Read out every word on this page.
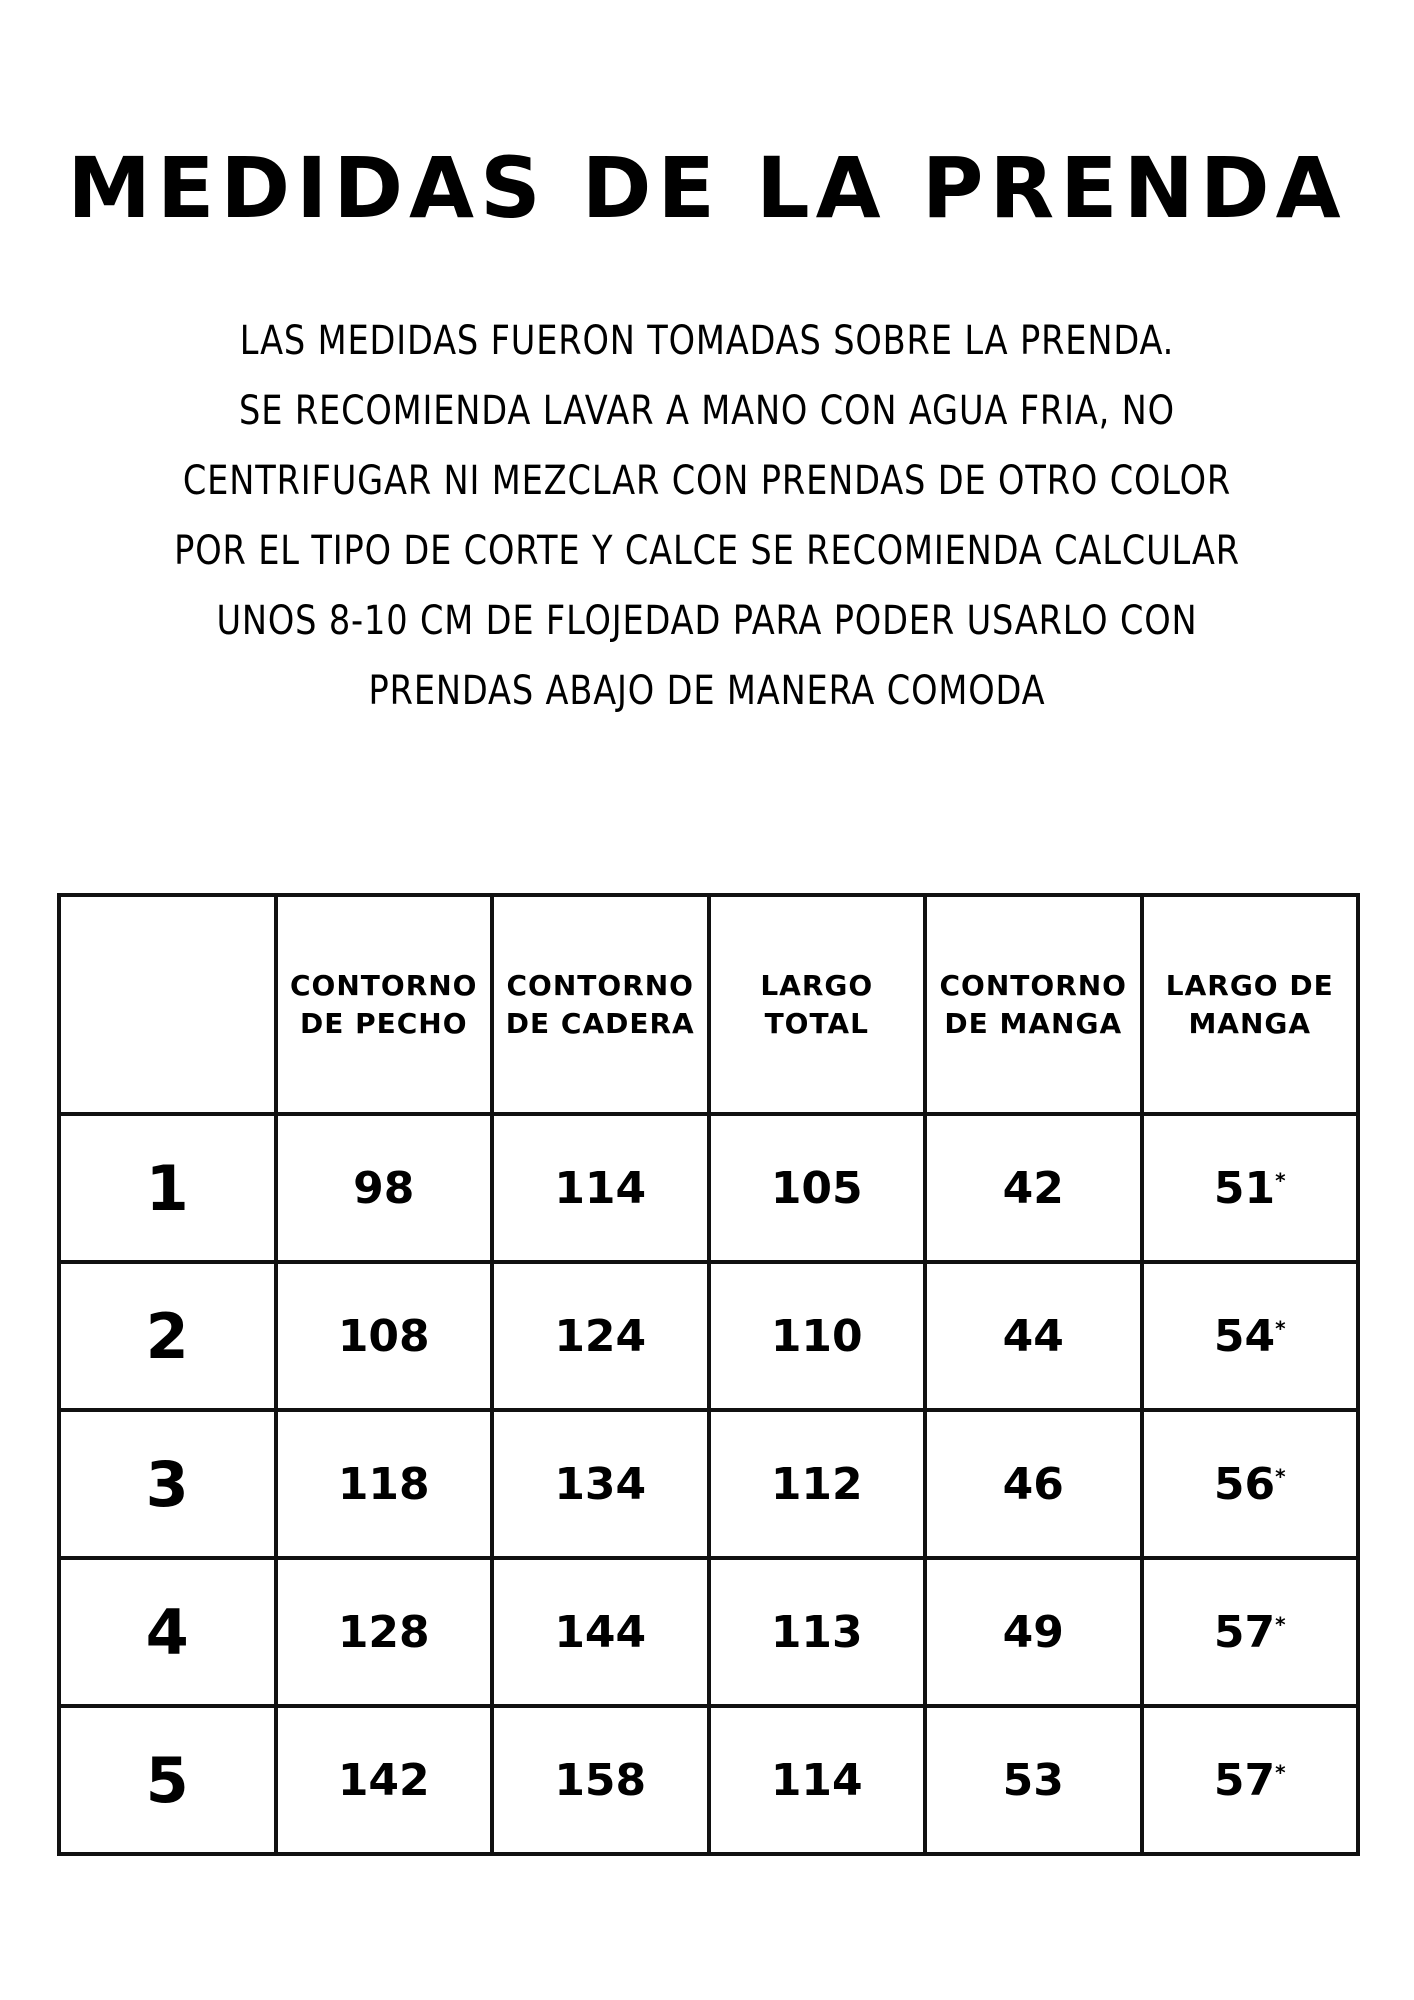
MEDIDAS DE LA PRENDA
LAS MEDIDAS FUERON TOMADAS SOBRE LA PRENDA.
SE RECOMIENDA LAVAR A MANO CON AGUA FRIA, NO
CENTRIFUGAR NI MEZCLAR CON PRENDAS DE OTRO COLOR
POR EL TIPO DE CORTE Y CALCE SE RECOMIENDA CALCULAR
UNOS 8-10 CM DE FLOJEDAD PARA PODER USARLO CON
PRENDAS ABAJO DE MANERA COMODA
	CONTORNO DE PECHO	CONTORNO DE CADERA	LARGO TOTAL	CONTORNO DE MANGA	LARGO DE MANGA
1	98	114	105	42	51*
2	108	124	110	44	54*
3	118	134	112	46	56*
4	128	144	113	49	57*
5	142	158	114	53	57*
